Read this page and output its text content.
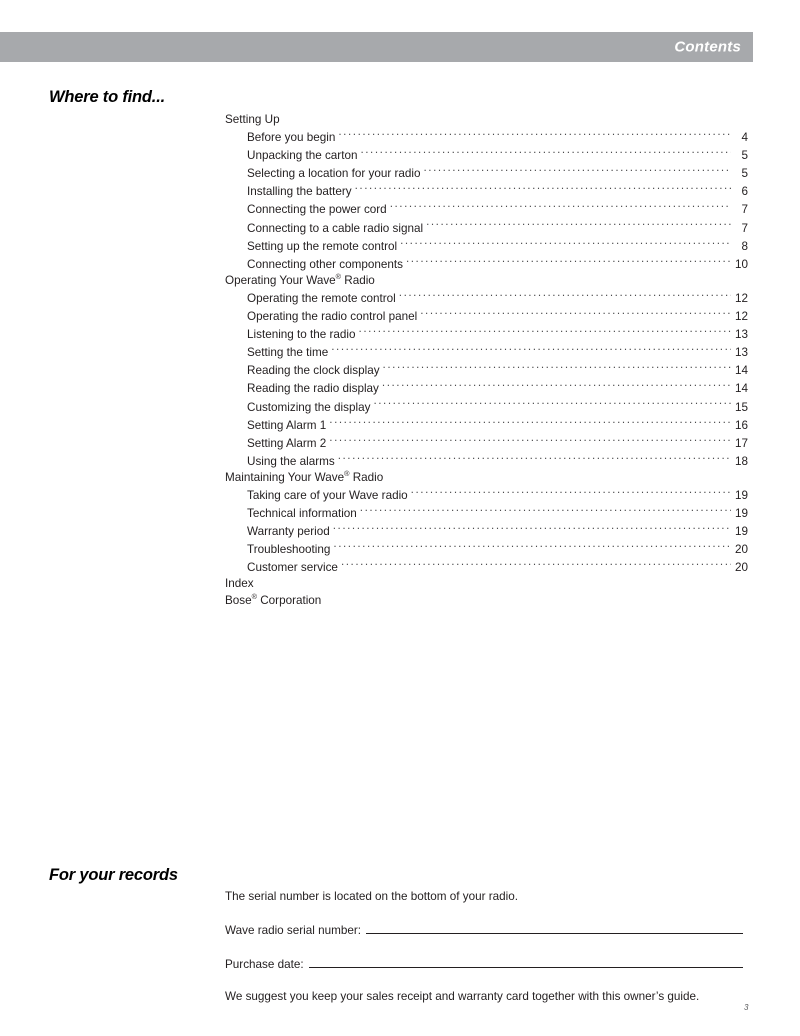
Contents
Where to find...
Setting Up
Before you begin .....	4
Unpacking the carton .....	5
Selecting a location for your radio .....	5
Installing the battery .....	6
Connecting the power cord .....	7
Connecting to a cable radio signal .....	7
Setting up the remote control .....	8
Connecting other components .....	10
Operating Your Wave® Radio
Operating the remote control .....	12
Operating the radio control panel .....	12
Listening to the radio .....	13
Setting the time .....	13
Reading the clock display .....	14
Reading the radio display .....	14
Customizing the display .....	15
Setting Alarm 1 .....	16
Setting Alarm 2 .....	17
Using the alarms .....	18
Maintaining Your Wave® Radio
Taking care of your Wave radio .....	19
Technical information .....	19
Warranty period .....	19
Troubleshooting .....	20
Customer service .....	20
Index
Bose® Corporation
For your records
The serial number is located on the bottom of your radio.
Wave radio serial number:
Purchase date:
We suggest you keep your sales receipt and warranty card together with this owner’s guide.
3
